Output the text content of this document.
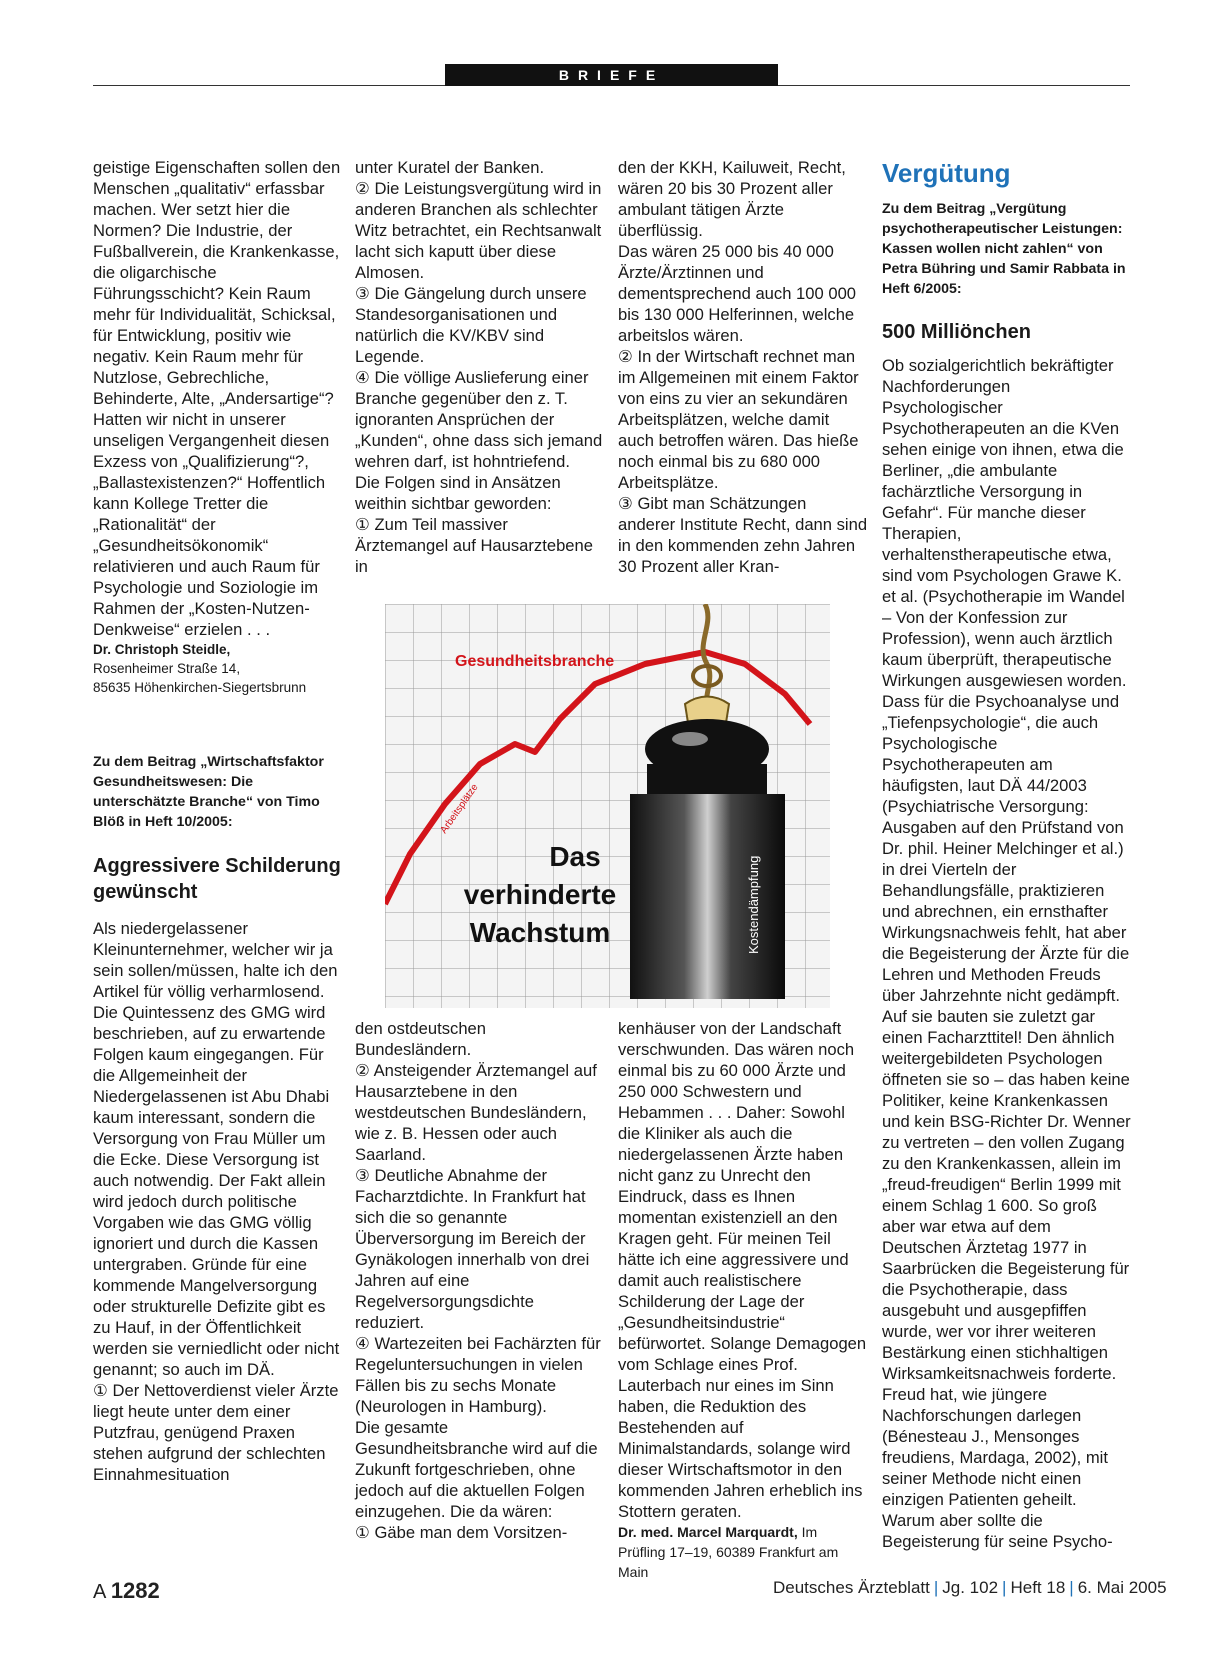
BRIEFE

geistige Eigenschaften sollen den Menschen „qualitativ“ erfassbar machen. Wer setzt hier die Normen? Die Industrie, der Fußballverein, die Krankenkasse, die oligarchische Führungsschicht? Kein Raum mehr für Individualität, Schicksal, für Entwicklung, positiv wie negativ. Kein Raum mehr für Nutzlose, Gebrechliche, Behinderte, Alte, „Andersartige“? Hatten wir nicht in unserer unseligen Vergangenheit diesen Exzess von „Qualifizierung“?, „Ballastexistenzen?“ Hoffentlich kann Kollege Tretter die „Rationalität“ der „Gesundheitsökonomik“ relativieren und auch Raum für Psychologie und Soziologie im Rahmen der „Kosten-Nutzen-Denkweise“ erzielen . . .

Dr. Christoph Steidle,
Rosenheimer Straße 14,
85635 Höhenkirchen-Siegertsbrunn
Zu dem Beitrag „Wirtschaftsfaktor Gesundheitswesen: Die unterschätzte Branche“ von Timo Blöß in Heft 10/2005:
Aggressivere Schilderung gewünscht

Als niedergelassener Kleinunternehmer, welcher wir ja sein sollen/müssen, halte ich den Artikel für völlig verharmlosend. Die Quintessenz des GMG wird beschrieben, auf zu erwartende Folgen kaum eingegangen. Für die Allgemeinheit der Niedergelassenen ist Abu Dhabi kaum interessant, sondern die Versorgung von Frau Müller um die Ecke. Diese Versorgung ist auch notwendig. Der Fakt allein wird jedoch durch politische Vorgaben wie das GMG völlig ignoriert und durch die Kassen untergraben. Gründe für eine kommende Mangelversorgung oder strukturelle Defizite gibt es zu Hauf, in der Öffentlichkeit werden sie verniedlicht oder nicht genannt; so auch im DÄ.

① Der Nettoverdienst vieler Ärzte liegt heute unter dem einer Putzfrau, genügend Praxen stehen aufgrund der schlechten Einnahmesituation

unter Kuratel der Banken.

② Die Leistungsvergütung wird in anderen Branchen als schlechter Witz betrachtet, ein Rechtsanwalt lacht sich kaputt über diese Almosen.

③ Die Gängelung durch unsere Standesorganisationen und natürlich die KV/KBV sind Legende.

④ Die völlige Auslieferung einer Branche gegenüber den z. T. ignoranten Ansprüchen der „Kunden“, ohne dass sich jemand wehren darf, ist hohntriefend.

Die Folgen sind in Ansätzen weithin sichtbar geworden:

① Zum Teil massiver Ärztemangel auf Hausarztebene in

den ostdeutschen Bundesländern.

② Ansteigender Ärztemangel auf Hausarztebene in den westdeutschen Bundesländern, wie z. B. Hessen oder auch Saarland.

③ Deutliche Abnahme der Facharztdichte. In Frankfurt hat sich die so genannte Überversorgung im Bereich der Gynäkologen innerhalb von drei Jahren auf eine Regelversorgungsdichte reduziert.

④ Wartezeiten bei Fachärzten für Regeluntersuchungen in vielen Fällen bis zu sechs Monate (Neurologen in Hamburg).

Die gesamte Gesundheitsbranche wird auf die Zukunft fortgeschrieben, ohne jedoch auf die aktuellen Folgen einzugehen. Die da wären:

① Gäbe man dem Vorsitzen-

den der KKH, Kailuweit, Recht, wären 20 bis 30 Prozent aller ambulant tätigen Ärzte überflüssig.

Das wären 25 000 bis 40 000 Ärzte/Ärztinnen und dementsprechend auch 100 000 bis 130 000 Helferinnen, welche arbeitslos wären.

② In der Wirtschaft rechnet man im Allgemeinen mit einem Faktor von eins zu vier an sekundären Arbeitsplätzen, welche damit auch betroffen wären. Das hieße noch einmal bis zu 680 000 Arbeitsplätze.

③ Gibt man Schätzungen anderer Institute Recht, dann sind in den kommenden zehn Jahren 30 Prozent aller Kran-

kenhäuser von der Landschaft verschwunden. Das wären noch einmal bis zu 60 000 Ärzte und 250 000 Schwestern und Hebammen . . . Daher: Sowohl die Kliniker als auch die niedergelassenen Ärzte haben nicht ganz zu Unrecht den Eindruck, dass es Ihnen momentan existenziell an den Kragen geht. Für meinen Teil hätte ich eine aggressivere und damit auch realistischere Schilderung der Lage der „Gesundheitsindustrie“ befürwortet. Solange Demagogen vom Schlage eines Prof. Lauterbach nur eines im Sinn haben, die Reduktion des Bestehenden auf Minimalstandards, solange wird dieser Wirtschaftsmotor in den kommenden Jahren erheblich ins Stottern geraten.

Dr. med. Marcel Marquardt, Im Prüfling 17–19, 60389 Frankfurt am Main

Vergütung
Zu dem Beitrag „Vergütung psychotherapeutischer Leistungen: Kassen wollen nicht zahlen“ von Petra Bühring und Samir Rabbata in Heft 6/2005:
500 Milliönchen

Ob sozialgerichtlich bekräftigter Nachforderungen Psychologischer Psychotherapeuten an die KVen sehen einige von ihnen, etwa die Berliner, „die ambulante fachärztliche Versorgung in Gefahr“. Für manche dieser Therapien, verhaltenstherapeutische etwa, sind vom Psychologen Grawe K. et al. (Psychotherapie im Wandel – Von der Konfession zur Profession), wenn auch ärztlich kaum überprüft, therapeutische Wirkungen ausgewiesen worden. Dass für die Psychoanalyse und „Tiefenpsychologie“, die auch Psychologische Psychotherapeuten am häufigsten, laut DÄ 44/2003 (Psychiatrische Versorgung: Ausgaben auf den Prüfstand von Dr. phil. Heiner Melchinger et al.) in drei Vierteln der Behandlungsfälle, praktizieren und abrechnen, ein ernsthafter Wirkungsnachweis fehlt, hat aber die Begeisterung der Ärzte für die Lehren und Methoden Freuds über Jahrzehnte nicht gedämpft. Auf sie bauten sie zuletzt gar einen Facharzttitel! Den ähnlich weitergebildeten Psychologen öffneten sie so – das haben keine Politiker, keine Krankenkassen und kein BSG-Richter Dr. Wenner zu vertreten – den vollen Zugang zu den Krankenkassen, allein im „freud-freudigen“ Berlin 1999 mit einem Schlag 1 600. So groß aber war etwa auf dem Deutschen Ärztetag 1977 in Saarbrücken die Begeisterung für die Psychotherapie, dass ausgebuht und ausgepfiffen wurde, wer vor ihrer weiteren Bestärkung einen stichhaltigen Wirksamkeitsnachweis forderte. Freud hat, wie jüngere Nachforschungen darlegen (Bénesteau J., Mensonges freudiens, Mardaga, 2002), mit seiner Methode nicht einen einzigen Patienten geheilt. Warum aber sollte die Begeisterung für seine Psycho-

Gesundheitsbranche
Arbeitsplätze
Kostendämpfung
Das
verhinderte
Wachstum
A 1282	Deutsches Ärzteblatt | Jg. 102 | Heft 18 | 6. Mai 2005
